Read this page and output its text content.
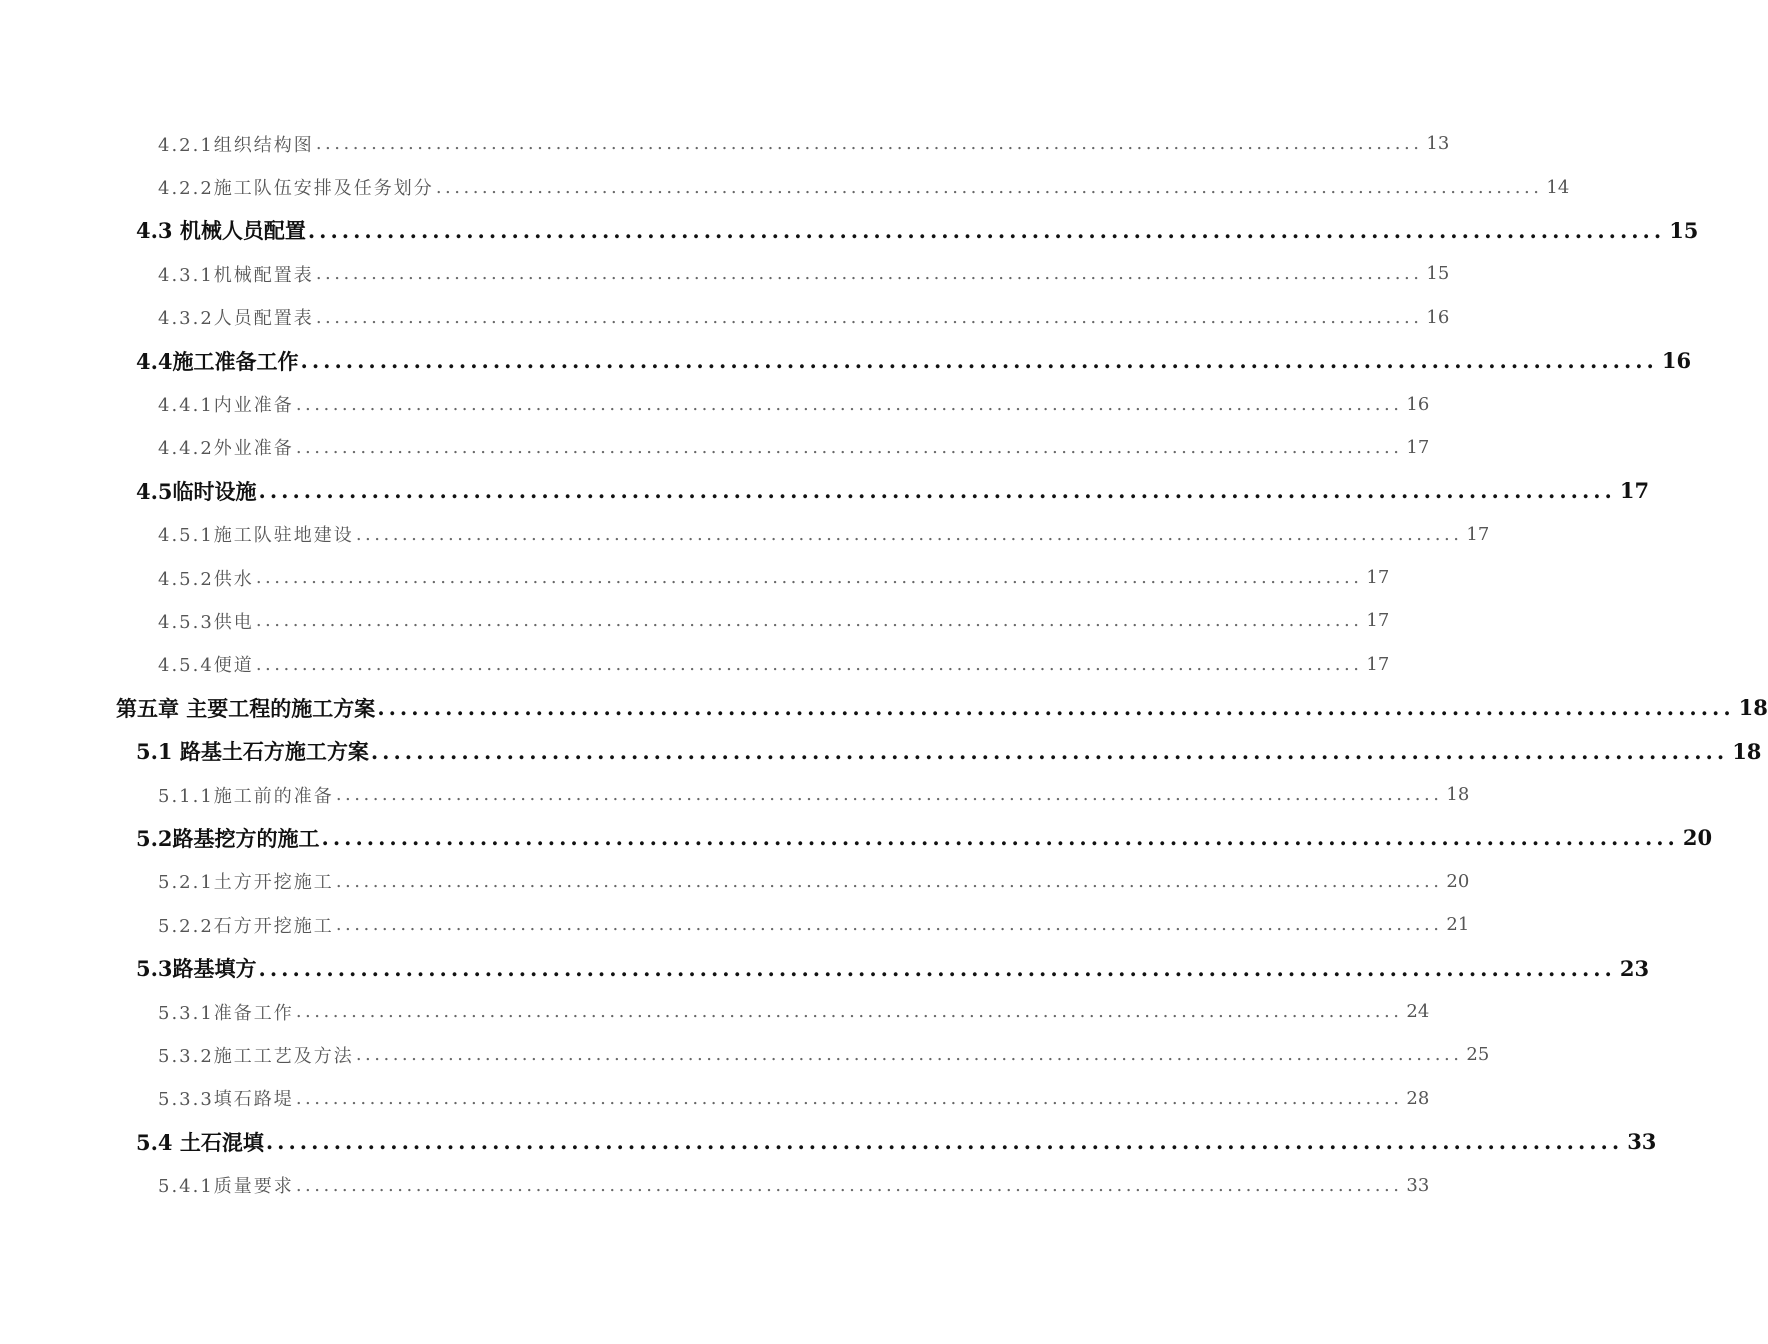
4.2.1组织结构图 ........................................................................................................................ 13
4.2.2施工队伍安排及任务划分 ........................................................................................................................ 14
4.3 机械人员配置 ........................................................................................................................ 15
4.3.1机械配置表 ........................................................................................................................ 15
4.3.2人员配置表 ........................................................................................................................ 16
4.4施工准备工作 ........................................................................................................................ 16
4.4.1内业准备 ........................................................................................................................ 16
4.4.2外业准备 ........................................................................................................................ 17
4.5临时设施 ........................................................................................................................ 17
4.5.1施工队驻地建设 ........................................................................................................................ 17
4.5.2供水 ........................................................................................................................ 17
4.5.3供电 ........................................................................................................................ 17
4.5.4便道 ........................................................................................................................ 17
第五章 主要工程的施工方案 ........................................................................................................................ 18
5.1 路基土石方施工方案 ........................................................................................................................ 18
5.1.1施工前的准备 ........................................................................................................................ 18
5.2路基挖方的施工 ........................................................................................................................ 20
5.2.1土方开挖施工 ........................................................................................................................ 20
5.2.2石方开挖施工 ........................................................................................................................ 21
5.3路基填方 ........................................................................................................................ 23
5.3.1准备工作 ........................................................................................................................ 24
5.3.2施工工艺及方法 ........................................................................................................................ 25
5.3.3填石路堤 ........................................................................................................................ 28
5.4 土石混填 ........................................................................................................................ 33
5.4.1质量要求 ........................................................................................................................ 33
